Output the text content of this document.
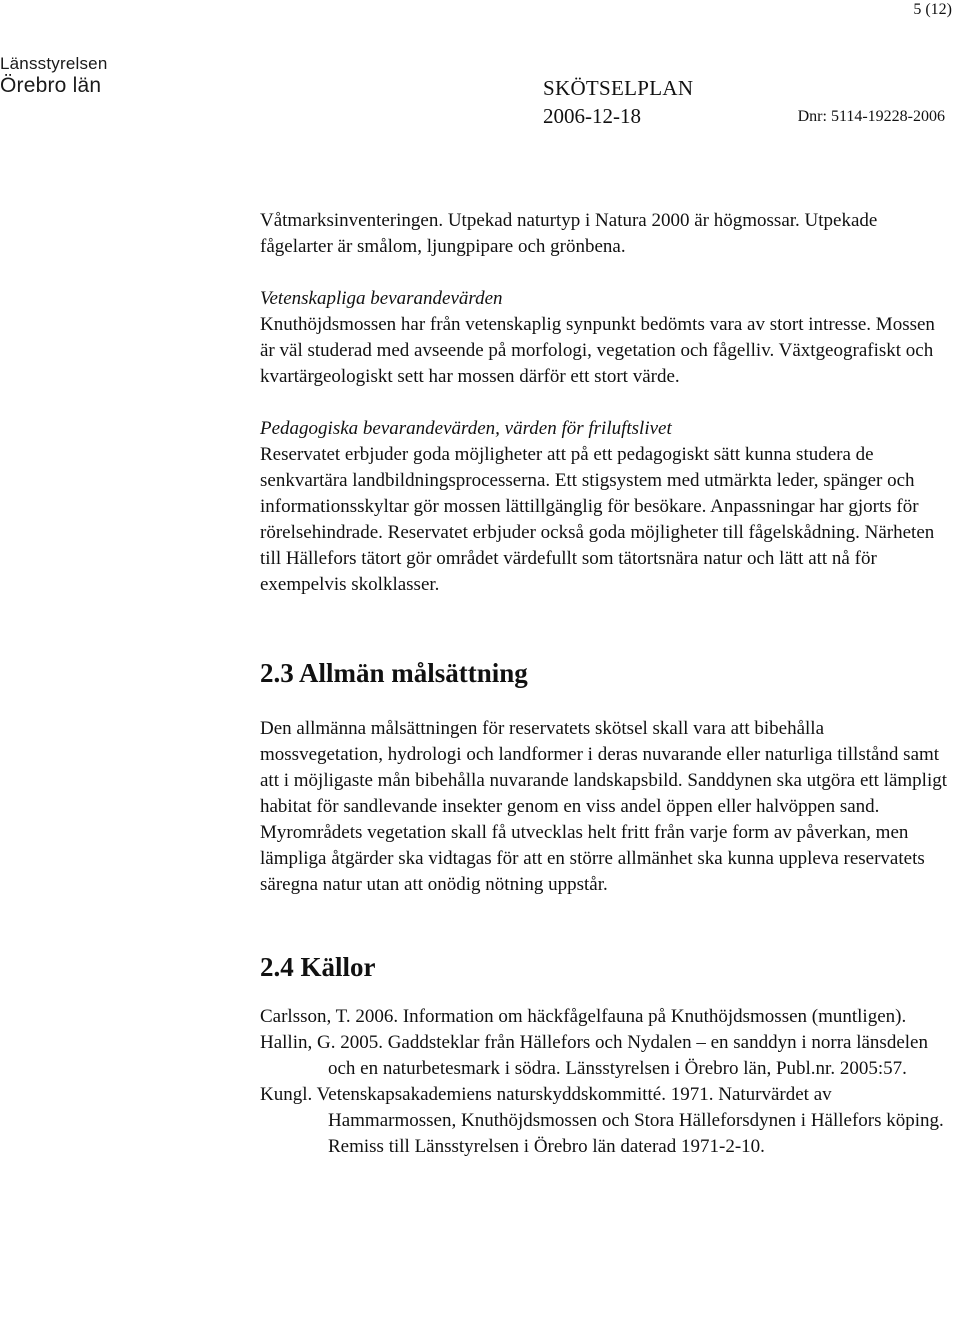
5 (12)
Länsstyrelsen
Örebro län	SKÖTSELPLAN
2006-12-18	Dnr: 5114-19228-2006

Våtmarksinventeringen. Utpekad naturtyp i Natura 2000 är högmossar. Utpekade fågelarter är smålom, ljungpipare och grönbena.

Vetenskapliga bevarandevärden

Knuthöjdsmossen har från vetenskaplig synpunkt bedömts vara av stort intresse. Mossen är väl studerad med avseende på morfologi, vegetation och fågelliv. Växtgeografiskt och kvartärgeologiskt sett har mossen därför ett stort värde.

Pedagogiska bevarandevärden, värden för friluftslivet

Reservatet erbjuder goda möjligheter att på ett pedagogiskt sätt kunna studera de senkvartära landbildningsprocesserna. Ett stigsystem med utmärkta leder, spänger och informationsskyltar gör mossen lättillgänglig för besökare. Anpassningar har gjorts för rörelsehindrade. Reservatet erbjuder också goda möjligheter till fågelskådning. Närheten till Hällefors tätort gör området värdefullt som tätortsnära natur och lätt att nå för exempelvis skolklasser.

2.3 Allmän målsättning

Den allmänna målsättningen för reservatets skötsel skall vara att bibehålla mossvegetation, hydrologi och landformer i deras nuvarande eller naturliga tillstånd samt att i möjligaste mån bibehålla nuvarande landskapsbild. Sanddynen ska utgöra ett lämpligt habitat för sandlevande insekter genom en viss andel öppen eller halvöppen sand. Myrområdets vegetation skall få utvecklas helt fritt från varje form av påverkan, men lämpliga åtgärder ska vidtagas för att en större allmänhet ska kunna uppleva reservatets säregna natur utan att onödig nötning uppstår.

2.4 Källor

Carlsson, T. 2006. Information om häckfågelfauna på Knuthöjdsmossen (muntligen).

Hallin, G. 2005. Gaddsteklar från Hällefors och Nydalen – en sanddyn i norra länsdelen och en naturbetesmark i södra. Länsstyrelsen i Örebro län, Publ.nr. 2005:57.

Kungl. Vetenskapsakademiens naturskyddskommitté. 1971. Naturvärdet av Hammarmossen, Knuthöjdsmossen och Stora Hälleforsdynen i Hällefors köping. Remiss till Länsstyrelsen i Örebro län daterad 1971-2-10.
